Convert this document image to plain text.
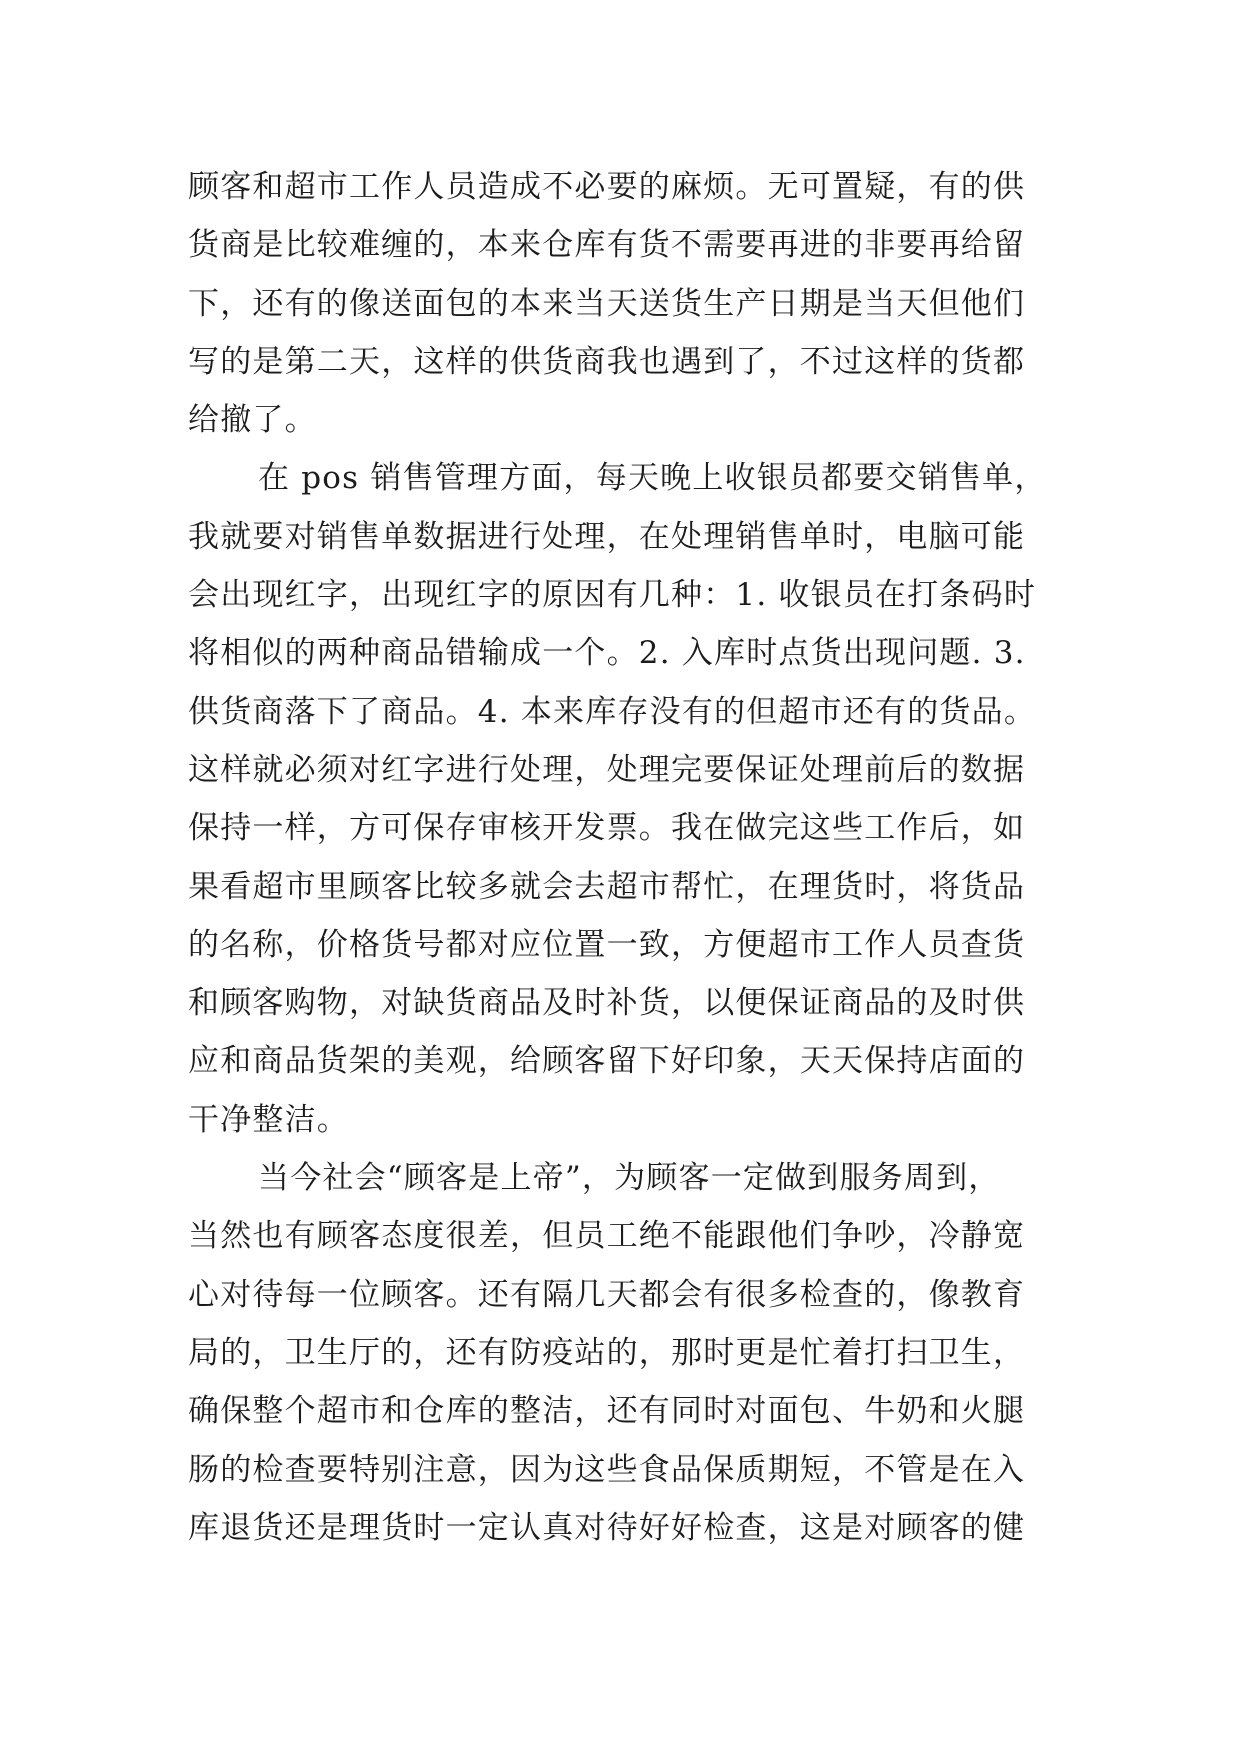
顾客和超市工作人员造成不必要的麻烦。无可置疑，有的供
货商是比较难缠的，本来仓库有货不需要再进的非要再给留
下，还有的像送面包的本来当天送货生产日期是当天但他们
写的是第二天，这样的供货商我也遇到了，不过这样的货都
给撤了。
在 pos 销售管理方面，每天晚上收银员都要交销售单，
我就要对销售单数据进行处理，在处理销售单时，电脑可能
会出现红字，出现红字的原因有几种：1. 收银员在打条码时
将相似的两种商品错输成一个。2. 入库时点货出现问题. 3.
供货商落下了商品。4. 本来库存没有的但超市还有的货品。
这样就必须对红字进行处理，处理完要保证处理前后的数据
保持一样，方可保存审核开发票。我在做完这些工作后，如
果看超市里顾客比较多就会去超市帮忙，在理货时，将货品
的名称，价格货号都对应位置一致，方便超市工作人员查货
和顾客购物，对缺货商品及时补货，以便保证商品的及时供
应和商品货架的美观，给顾客留下好印象，天天保持店面的
干净整洁。
当今社会“顾客是上帝”，为顾客一定做到服务周到，
当然也有顾客态度很差，但员工绝不能跟他们争吵，冷静宽
心对待每一位顾客。还有隔几天都会有很多检查的，像教育
局的，卫生厅的，还有防疫站的，那时更是忙着打扫卫生，
确保整个超市和仓库的整洁，还有同时对面包、牛奶和火腿
肠的检查要特别注意，因为这些食品保质期短，不管是在入
库退货还是理货时一定认真对待好好检查，这是对顾客的健
